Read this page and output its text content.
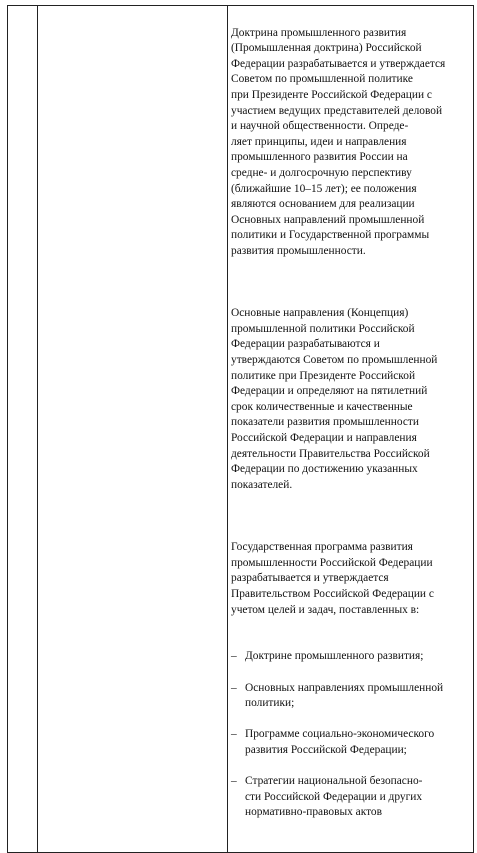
Доктрина промышленного развития
(Промышленная доктрина) Российской
Федерации разрабатывается и утверждается
Советом по промышленной политике
при Президенте Российской Федерации с
участием ведущих представителей деловой
и научной общественности. Опреде-
ляет принципы, идеи и направления
промышленного развития России на
средне- и долгосрочную перспективу
(ближайшие 10–15 лет); ее положения
являются основанием для реализации
Основных направлений промышленной
политики и Государственной программы
развития промышленности.

Основные направления (Концепция)
промышленной политики Российской
Федерации разрабатываются и
утверждаются Советом по промышленной
политике при Президенте Российской
Федерации и определяют на пятилетний
срок количественные и качественные
показатели развития промышленности
Российской Федерации и направления
деятельности Правительства Российской
Федерации по достижению указанных
показателей.

Государственная программа развития
промышленности Российской Федерации
разрабатывается и утверждается
Правительством Российской Федерации с
учетом целей и задач, поставленных в:

– Доктрине промышленного развития;

– Основных направлениях промышленной
политики;

– Программе социально-экономического
развития Российской Федерации;

– Стратегии национальной безопасно-
сти Российской Федерации и других
нормативно-правовых актов
